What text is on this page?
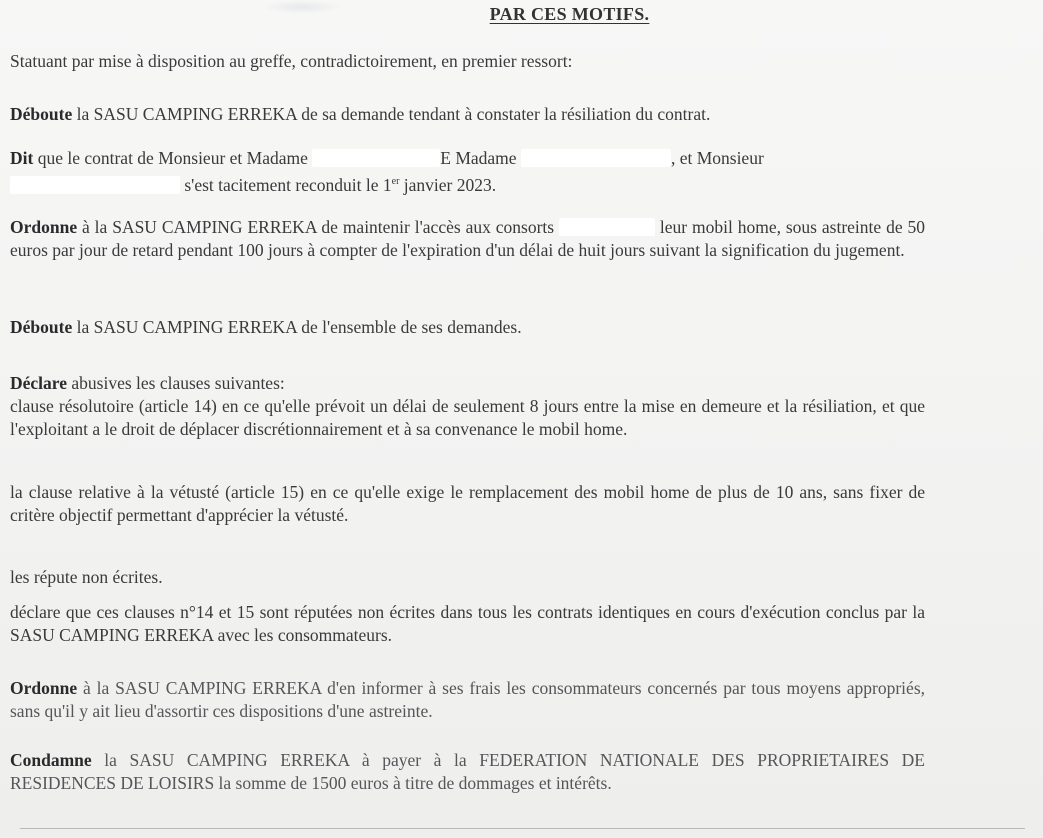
PAR CES MOTIFS.

Statuant par mise à disposition au greffe, contradictoirement, en premier ressort:

Déboute la SASU CAMPING ERREKA de sa demande tendant à constater la résiliation du contrat.

Dit que le contrat de Monsieur et Madame	E Madame	, et Monsieur
s'est tacitement reconduit le 1er janvier 2023.

Ordonne à la SASU CAMPING ERREKA de maintenir l'accès aux consorts	leur mobil home, sous astreinte de 50 euros par jour de retard pendant 100 jours à compter de l'expiration d'un délai de huit jours suivant la signification du jugement.

Déboute la SASU CAMPING ERREKA de l'ensemble de ses demandes.

Déclare abusives les clauses suivantes:
clause résolutoire (article 14) en ce qu'elle prévoit un délai de seulement 8 jours entre la mise en demeure et la résiliation, et que l'exploitant a le droit de déplacer discrétionnairement et à sa convenance le mobil home.

la clause relative à la vétusté (article 15) en ce qu'elle exige le remplacement des mobil home de plus de 10 ans, sans fixer de critère objectif permettant d'apprécier la vétusté.

les répute non écrites.

déclare que ces clauses n°14 et 15 sont réputées non écrites dans tous les contrats identiques en cours d'exécution conclus par la SASU CAMPING ERREKA avec les consommateurs.

Ordonne à la SASU CAMPING ERREKA d'en informer à ses frais les consommateurs concernés par tous moyens appropriés, sans qu'il y ait lieu d'assortir ces dispositions d'une astreinte.

Condamne la SASU CAMPING ERREKA à payer à la FEDERATION NATIONALE DES PROPRIETAIRES DE RESIDENCES DE LOISIRS la somme de 1500 euros à titre de dommages et intérêts.
